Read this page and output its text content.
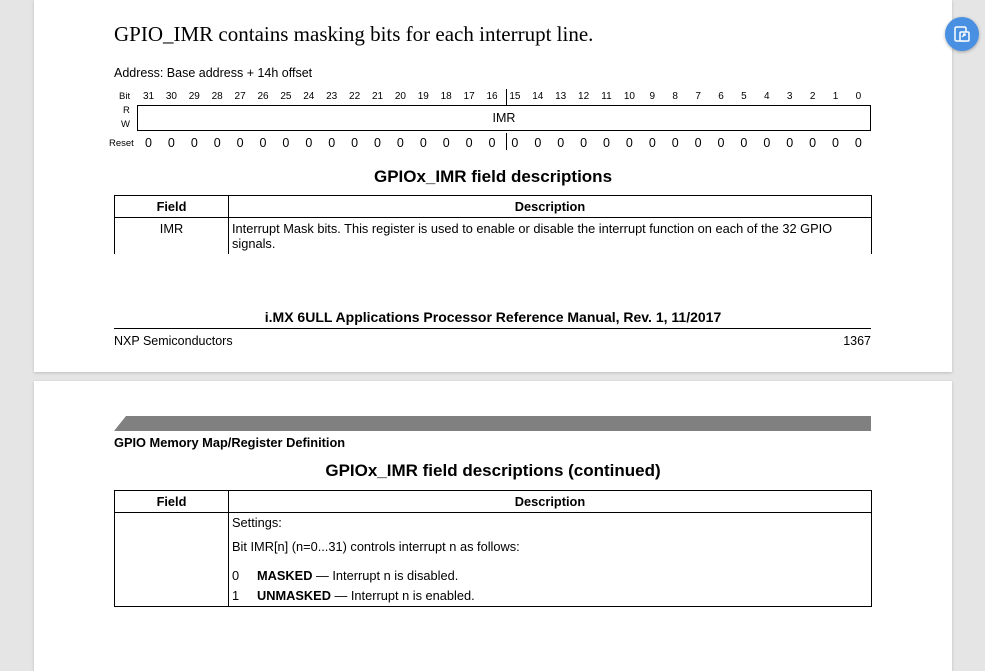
GPIO_IMR contains masking bits for each interrupt line.
Address: Base address + 14h offset
Bit	31	30	29	28	27	26	25	24	23	22	21	20	19	18	17	16	15	14	13	12	11	10	9	8	7	6	5	4	3	2	1	0
R
W	IMR
Reset 0	0	0	0	0	0	0	0	0	0	0	0	0	0	0	0	0	0	0	0	0	0	0	0	0	0	0	0	0	0	0	0
GPIOx_IMR field descriptions
Field	Description
IMR	Interrupt Mask bits. This register is used to enable or disable the interrupt function on each of the 32 GPIO signals.
i.MX 6ULL Applications Processor Reference Manual, Rev. 1, 11/2017
NXP Semiconductors	1367
GPIO Memory Map/Register Definition
GPIOx_IMR field descriptions (continued)
Field	Description

	Settings:
Bit IMR[n] (n=0...31) controls interrupt n as follows:
0 MASKED — Interrupt n is disabled.
1 UNMASKED — Interrupt n is enabled.
